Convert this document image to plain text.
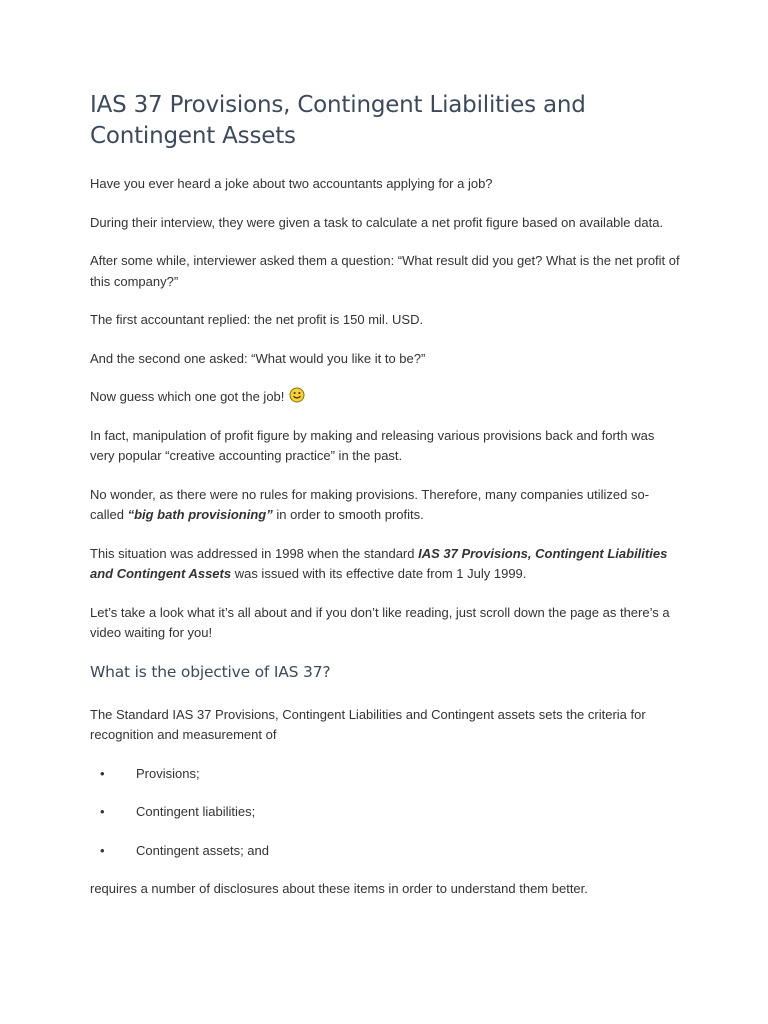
IAS 37 Provisions, Contingent Liabilities and Contingent Assets

Have you ever heard a joke about two accountants applying for a job?

During their interview, they were given a task to calculate a net profit figure based on available data.

After some while, interviewer asked them a question: “What result did you get? What is the net profit of this company?”

The first accountant replied: the net profit is 150 mil. USD.

And the second one asked: “What would you like it to be?”

Now guess which one got the job!

In fact, manipulation of profit figure by making and releasing various provisions back and forth was very popular “creative accounting practice” in the past.

No wonder, as there were no rules for making provisions. Therefore, many companies utilized so-called “big bath provisioning” in order to smooth profits.

This situation was addressed in 1998 when the standard IAS 37 Provisions, Contingent Liabilities and Contingent Assets was issued with its effective date from 1 July 1999.

Let’s take a look what it’s all about and if you don’t like reading, just scroll down the page as there’s a video waiting for you!

What is the objective of IAS 37?

The Standard IAS 37 Provisions, Contingent Liabilities and Contingent assets sets the criteria for recognition and measurement of

• Provisions;
• Contingent liabilities;
• Contingent assets; and

requires a number of disclosures about these items in order to understand them better.
